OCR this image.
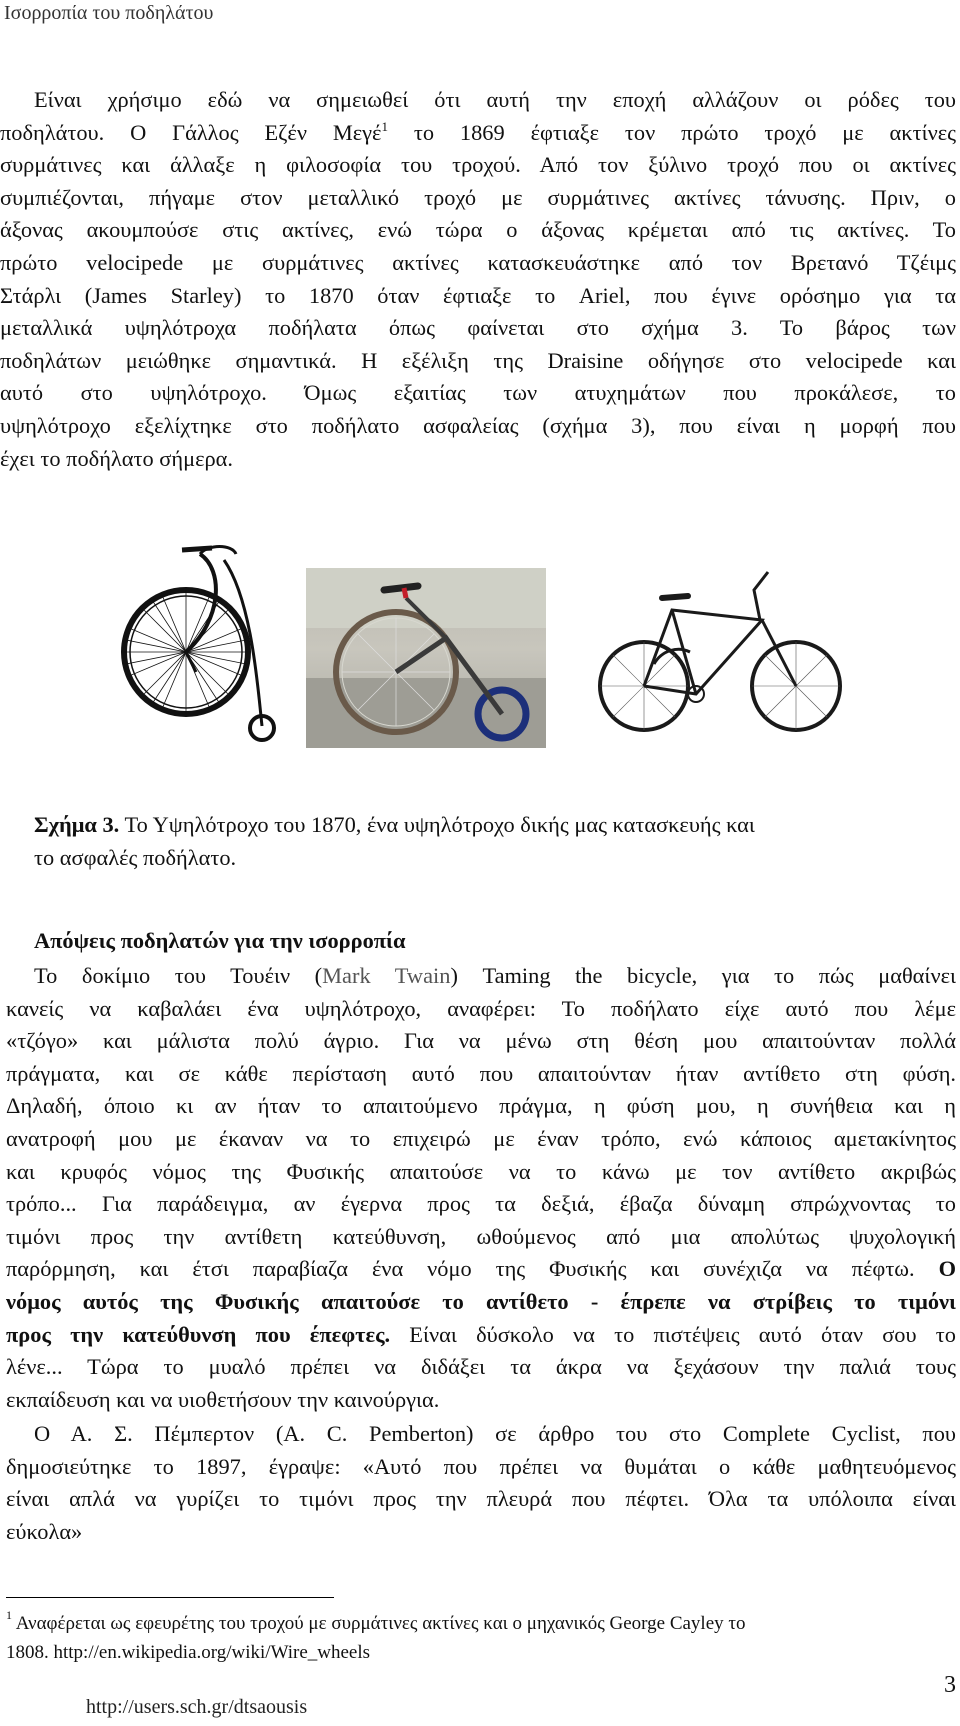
Ισορροπία του ποδηλάτου
Είναι χρήσιμο εδώ να σημειωθεί ότι αυτή την εποχή αλλάζουν οι ρόδες του
ποδηλάτου. Ο Γάλλος Εζέν Μεγέ$^1$ το 1869 έφτιαξε τον πρώτο τροχό με ακτίνες
συρμάτινες και άλλαξε η φιλοσοφία του τροχού. Από τον ξύλινο τροχό που οι ακτίνες
συμπιέζονται, πήγαμε στον μεταλλικό τροχό με συρμάτινες ακτίνες τάνυσης. Πριν, ο
άξονας ακουμπούσε στις ακτίνες, ενώ τώρα ο άξονας κρέμεται από τις ακτίνες. Το
πρώτο velocipede με συρμάτινες ακτίνες κατασκευάστηκε από τον Βρετανό Τζέιμς
Στάρλι (James Starley) το 1870 όταν έφτιαξε το Ariel, που έγινε ορόσημο για τα
μεταλλικά υψηλότροχα ποδήλατα όπως φαίνεται στο σχήμα 3. Το βάρος των
ποδηλάτων μειώθηκε σημαντικά. Η εξέλιξη της Draisine οδήγησε στο velocipede και
αυτό στο υψηλότροχο. Όμως εξαιτίας των ατυχημάτων που προκάλεσε, το
υψηλότροχο εξελίχτηκε στο ποδήλατο ασφαλείας (σχήμα 3), που είναι η μορφή που
έχει το ποδήλατο σήμερα.
Σχήμα 3. Το Υψηλότροχο του 1870, ένα υψηλότροχο δικής μας κατασκευής και
το ασφαλές ποδήλατο.
Απόψεις ποδηλατών για την ισορροπία
Το δοκίμιο του Τουέιν (Mark Twain) Taming the bicycle, για το πώς μαθαίνει
κανείς να καβαλάει ένα υψηλότροχο, αναφέρει: Το ποδήλατο είχε αυτό που λέμε
«τζόγο» και μάλιστα πολύ άγριο. Για να μένω στη θέση μου απαιτούνταν πολλά
πράγματα, και σε κάθε περίσταση αυτό που απαιτούνταν ήταν αντίθετο στη φύση.
Δηλαδή, όποιο κι αν ήταν το απαιτούμενο πράγμα, η φύση μου, η συνήθεια και η
ανατροφή μου με έκαναν να το επιχειρώ με έναν τρόπο, ενώ κάποιος αμετακίνητος
και κρυφός νόμος της Φυσικής απαιτούσε να το κάνω με τον αντίθετο ακριβώς
τρόπο... Για παράδειγμα, αν έγερνα προς τα δεξιά, έβαζα δύναμη σπρώχνοντας το
τιμόνι προς την αντίθετη κατεύθυνση, ωθούμενος από μια απολύτως ψυχολογική
παρόρμηση, και έτσι παραβίαζα ένα νόμο της Φυσικής και συνέχιζα να πέφτω. Ο
νόμος αυτός της Φυσικής απαιτούσε το αντίθετο - έπρεπε να στρίβεις το τιμόνι
προς την κατεύθυνση που έπεφτες. Είναι δύσκολο να το πιστέψεις αυτό όταν σου το
λένε... Τώρα το μυαλό πρέπει να διδάξει τα άκρα να ξεχάσουν την παλιά τους
εκπαίδευση και να υιοθετήσουν την καινούργια.
Ο Α. Σ. Πέμπερτον (A. C. Pemberton) σε άρθρο του στο Complete Cyclist, που
δημοσιεύτηκε το 1897, έγραψε: «Αυτό που πρέπει να θυμάται ο κάθε μαθητευόμενος
είναι απλά να γυρίζει το τιμόνι προς την πλευρά που πέφτει. Όλα τα υπόλοιπα είναι
εύκολα»
$^1$ Αναφέρεται ως εφευρέτης του τροχού με συρμάτινες ακτίνες και ο μηχανικός George Cayley το
1808. http://en.wikipedia.org/wiki/Wire_wheels
3
http://users.sch.gr/dtsaousis
